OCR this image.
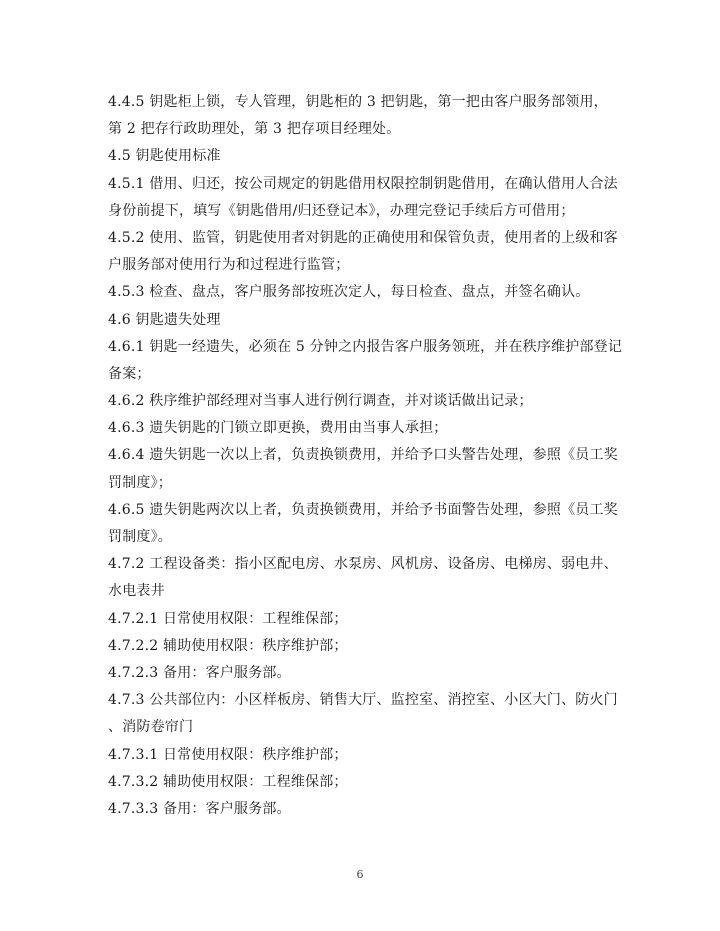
4.4.5 钥匙柜上锁，专人管理，钥匙柜的 3 把钥匙，第一把由客户服务部领用，
第 2 把存行政助理处，第 3 把存项目经理处。
4.5 钥匙使用标准
4.5.1 借用、归还，按公司规定的钥匙借用权限控制钥匙借用，在确认借用人合法
身份前提下，填写《钥匙借用/归还登记本》，办理完登记手续后方可借用；
4.5.2 使用、监管，钥匙使用者对钥匙的正确使用和保管负责，使用者的上级和客
户服务部对使用行为和过程进行监管；
4.5.3 检查、盘点，客户服务部按班次定人，每日检查、盘点，并签名确认。
4.6 钥匙遗失处理
4.6.1 钥匙一经遗失，必须在 5 分钟之内报告客户服务领班，并在秩序维护部登记
备案；
4.6.2 秩序维护部经理对当事人进行例行调查，并对谈话做出记录；
4.6.3 遗失钥匙的门锁立即更换，费用由当事人承担；
4.6.4 遗失钥匙一次以上者，负责换锁费用，并给予口头警告处理，参照《员工奖
罚制度》；
4.6.5 遗失钥匙两次以上者，负责换锁费用，并给予书面警告处理，参照《员工奖
罚制度》。
4.7.2 工程设备类：指小区配电房、水泵房、风机房、设备房、电梯房、弱电井、
水电表井
4.7.2.1 日常使用权限：工程维保部；
4.7.2.2 辅助使用权限：秩序维护部；
4.7.2.3 备用：客户服务部。
4.7.3 公共部位内：小区样板房、销售大厅、监控室、消控室、小区大门、防火门
、消防卷帘门
4.7.3.1 日常使用权限：秩序维护部；
4.7.3.2 辅助使用权限：工程维保部；
4.7.3.3 备用：客户服务部。
6
